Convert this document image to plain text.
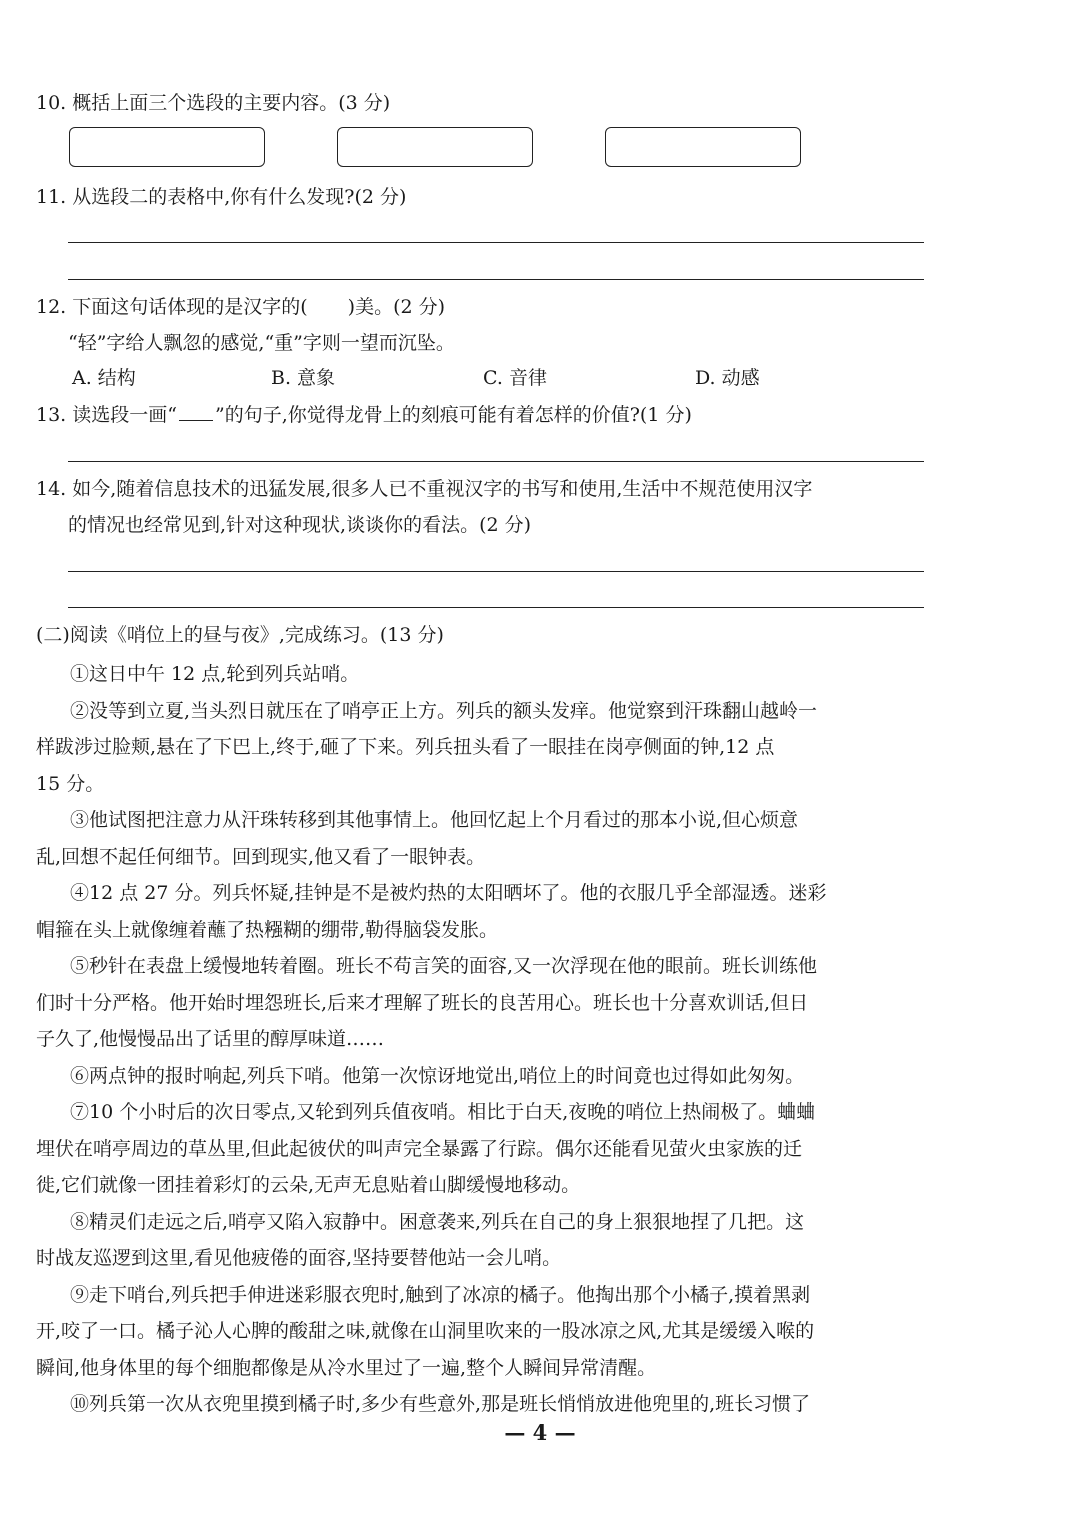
10. 概括上面三个选段的主要内容。(3 分)
11. 从选段二的表格中,你有什么发现?(2 分)
12. 下面这句话体现的是汉字的( )美。(2 分)
“轻”字给人飘忽的感觉,“重”字则一望而沉坠。
A. 结构	B. 意象	C. 音律	D. 动感
13. 读选段一画“ ”的句子,你觉得龙骨上的刻痕可能有着怎样的价值?(1 分)
14. 如今,随着信息技术的迅猛发展,很多人已不重视汉字的书写和使用,生活中不规范使用汉字
的情况也经常见到,针对这种现状,谈谈你的看法。(2 分)
(二)阅读《哨位上的昼与夜》,完成练习。(13 分)
①这日中午 12 点,轮到列兵站哨。
②没等到立夏,当头烈日就压在了哨亭正上方。列兵的额头发痒。他觉察到汗珠翻山越岭一
样跋涉过脸颊,悬在了下巴上,终于,砸了下来。列兵扭头看了一眼挂在岗亭侧面的钟,12 点
15 分。
③他试图把注意力从汗珠转移到其他事情上。他回忆起上个月看过的那本小说,但心烦意
乱,回想不起任何细节。回到现实,他又看了一眼钟表。
④12 点 27 分。列兵怀疑,挂钟是不是被灼热的太阳晒坏了。他的衣服几乎全部湿透。迷彩
帽箍在头上就像缠着蘸了热糨糊的绷带,勒得脑袋发胀。
⑤秒针在表盘上缓慢地转着圈。班长不苟言笑的面容,又一次浮现在他的眼前。班长训练他
们时十分严格。他开始时埋怨班长,后来才理解了班长的良苦用心。班长也十分喜欢训话,但日
子久了,他慢慢品出了话里的醇厚味道……
⑥两点钟的报时响起,列兵下哨。他第一次惊讶地觉出,哨位上的时间竟也过得如此匆匆。
⑦10 个小时后的次日零点,又轮到列兵值夜哨。相比于白天,夜晚的哨位上热闹极了。蛐蛐
埋伏在哨亭周边的草丛里,但此起彼伏的叫声完全暴露了行踪。偶尔还能看见萤火虫家族的迁
徙,它们就像一团挂着彩灯的云朵,无声无息贴着山脚缓慢地移动。
⑧精灵们走远之后,哨亭又陷入寂静中。困意袭来,列兵在自己的身上狠狠地捏了几把。这
时战友巡逻到这里,看见他疲倦的面容,坚持要替他站一会儿哨。
⑨走下哨台,列兵把手伸进迷彩服衣兜时,触到了冰凉的橘子。他掏出那个小橘子,摸着黑剥
开,咬了一口。橘子沁人心脾的酸甜之味,就像在山洞里吹来的一股冰凉之风,尤其是缓缓入喉的
瞬间,他身体里的每个细胞都像是从冷水里过了一遍,整个人瞬间异常清醒。
⑩列兵第一次从衣兜里摸到橘子时,多少有些意外,那是班长悄悄放进他兜里的,班长习惯了
— 4 —
